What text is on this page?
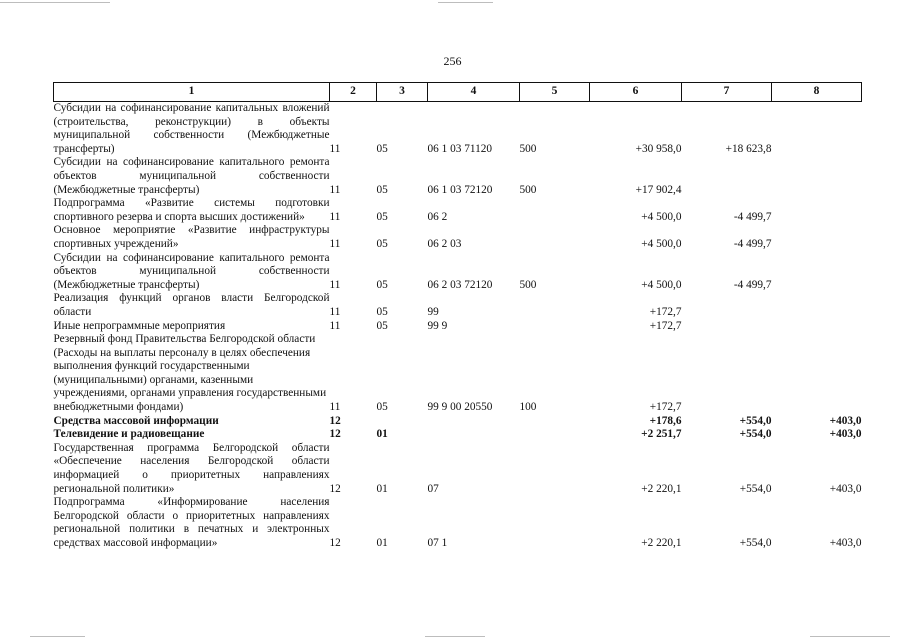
256
1	2	3	4	5	6	7	8
Субсидии на софинансирование капитальных вложений (строительства, реконструкции) в объекты муниципальной собственности (Межбюджетные трансферты)	11	05	06 1 03 71120	500	+30 958,0	+18 623,8	
Субсидии на софинансирование капитального ремонта объектов муниципальной собственности (Межбюджетные трансферты)	11	05	06 1 03 72120	500	+17 902,4		
Подпрограмма «Развитие системы подготовки спортивного резерва и спорта высших достижений»	11	05	06 2		+4 500,0	-4 499,7	
Основное мероприятие «Развитие инфраструктуры спортивных учреждений»	11	05	06 2 03		+4 500,0	-4 499,7	
Субсидии на софинансирование капитального ремонта объектов муниципальной собственности (Межбюджетные трансферты)	11	05	06 2 03 72120	500	+4 500,0	-4 499,7	
Реализация функций органов власти Белгородской области	11	05	99		+172,7		
Иные непрограммные мероприятия	11	05	99 9		+172,7		
Резервный фонд Правительства Белгородской области (Расходы на выплаты персоналу в целях обеспечения выполнения функций государственными (муниципальными) органами, казенными учреждениями, органами управления государственными внебюджетными фондами)	11	05	99 9 00 20550	100	+172,7		
Средства массовой информации	12				+178,6	+554,0	+403,0
Телевидение и радиовещание	12	01			+2 251,7	+554,0	+403,0
Государственная программа Белгородской области «Обеспечение населения Белгородской области информацией о приоритетных направлениях региональной политики»	12	01	07		+2 220,1	+554,0	+403,0
Подпрограмма «Информирование населения Белгородской области о приоритетных направлениях региональной политики в печатных и электронных средствах массовой информации»	12	01	07 1		+2 220,1	+554,0	+403,0
